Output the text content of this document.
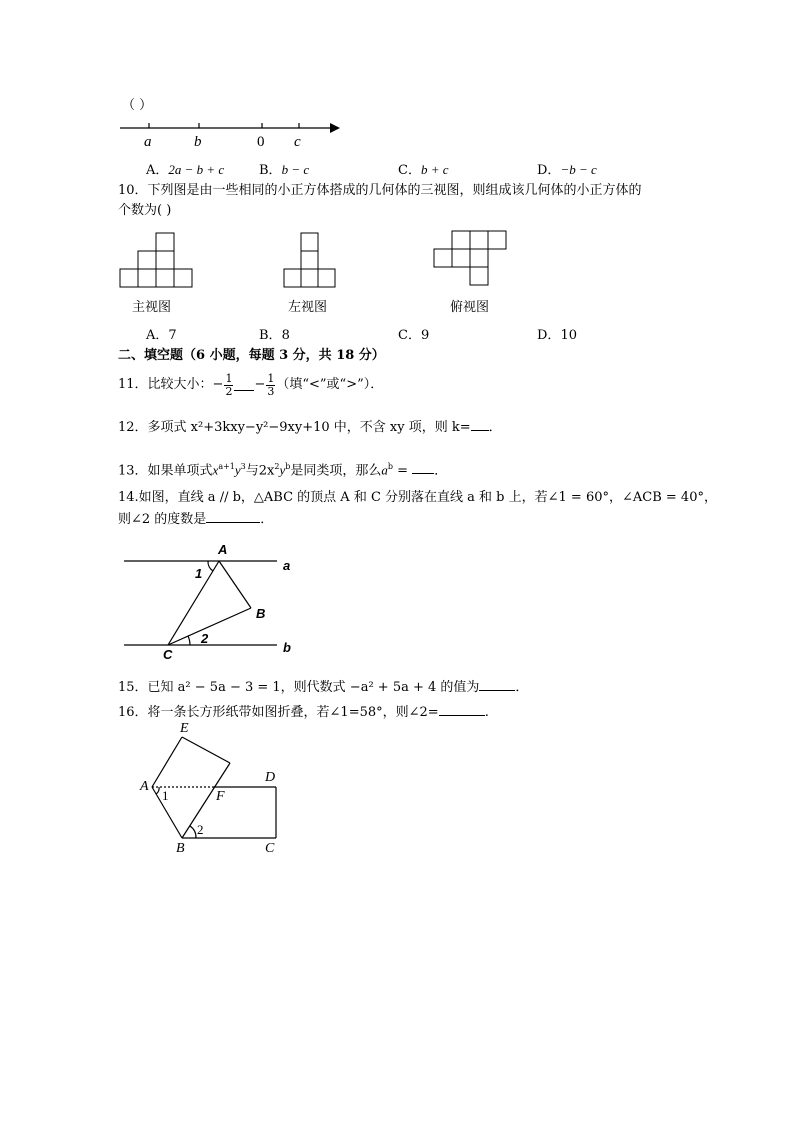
（ ）
a	b	0 c
A．2a − b + c	B．b − c	C．b + c	D．−b − c
10．下列图是由一些相同的小正方体搭成的几何体的三视图，则组成该几何体的小正方体的
个数为( )
主视图	左视图	俯视图
A．7	B．8	C．9	D．10
二、填空题（6 小题，每题 3 分，共 18 分）
11．比较大小： − $\frac{1}{2} - \frac{1}{3}$ （填“<”或“>”）．
12．多项式 x²+3kxy−y²−9xy+10 中，不含 xy 项，则 k= ．
13．如果单项式$x^{a+1}y^3$与$2x^2y^b$是同类项，那么$a^b$ = ．
14.如图，直线 a // b，△ABC 的顶点 A 和 C 分别落在直线 a 和 b 上，若∠1 = 60°，∠ACB = 40°，
则∠2 的度数是	．
A
a
1
B
2
C	b
15．已知 a² − 5a − 3 = 1，则代数式 −a² + 5a + 4 的值为	．
16．将一条长方形纸带如图折叠，若∠1=58°，则∠2=	.
E
D
A
1	F
2
B	C
